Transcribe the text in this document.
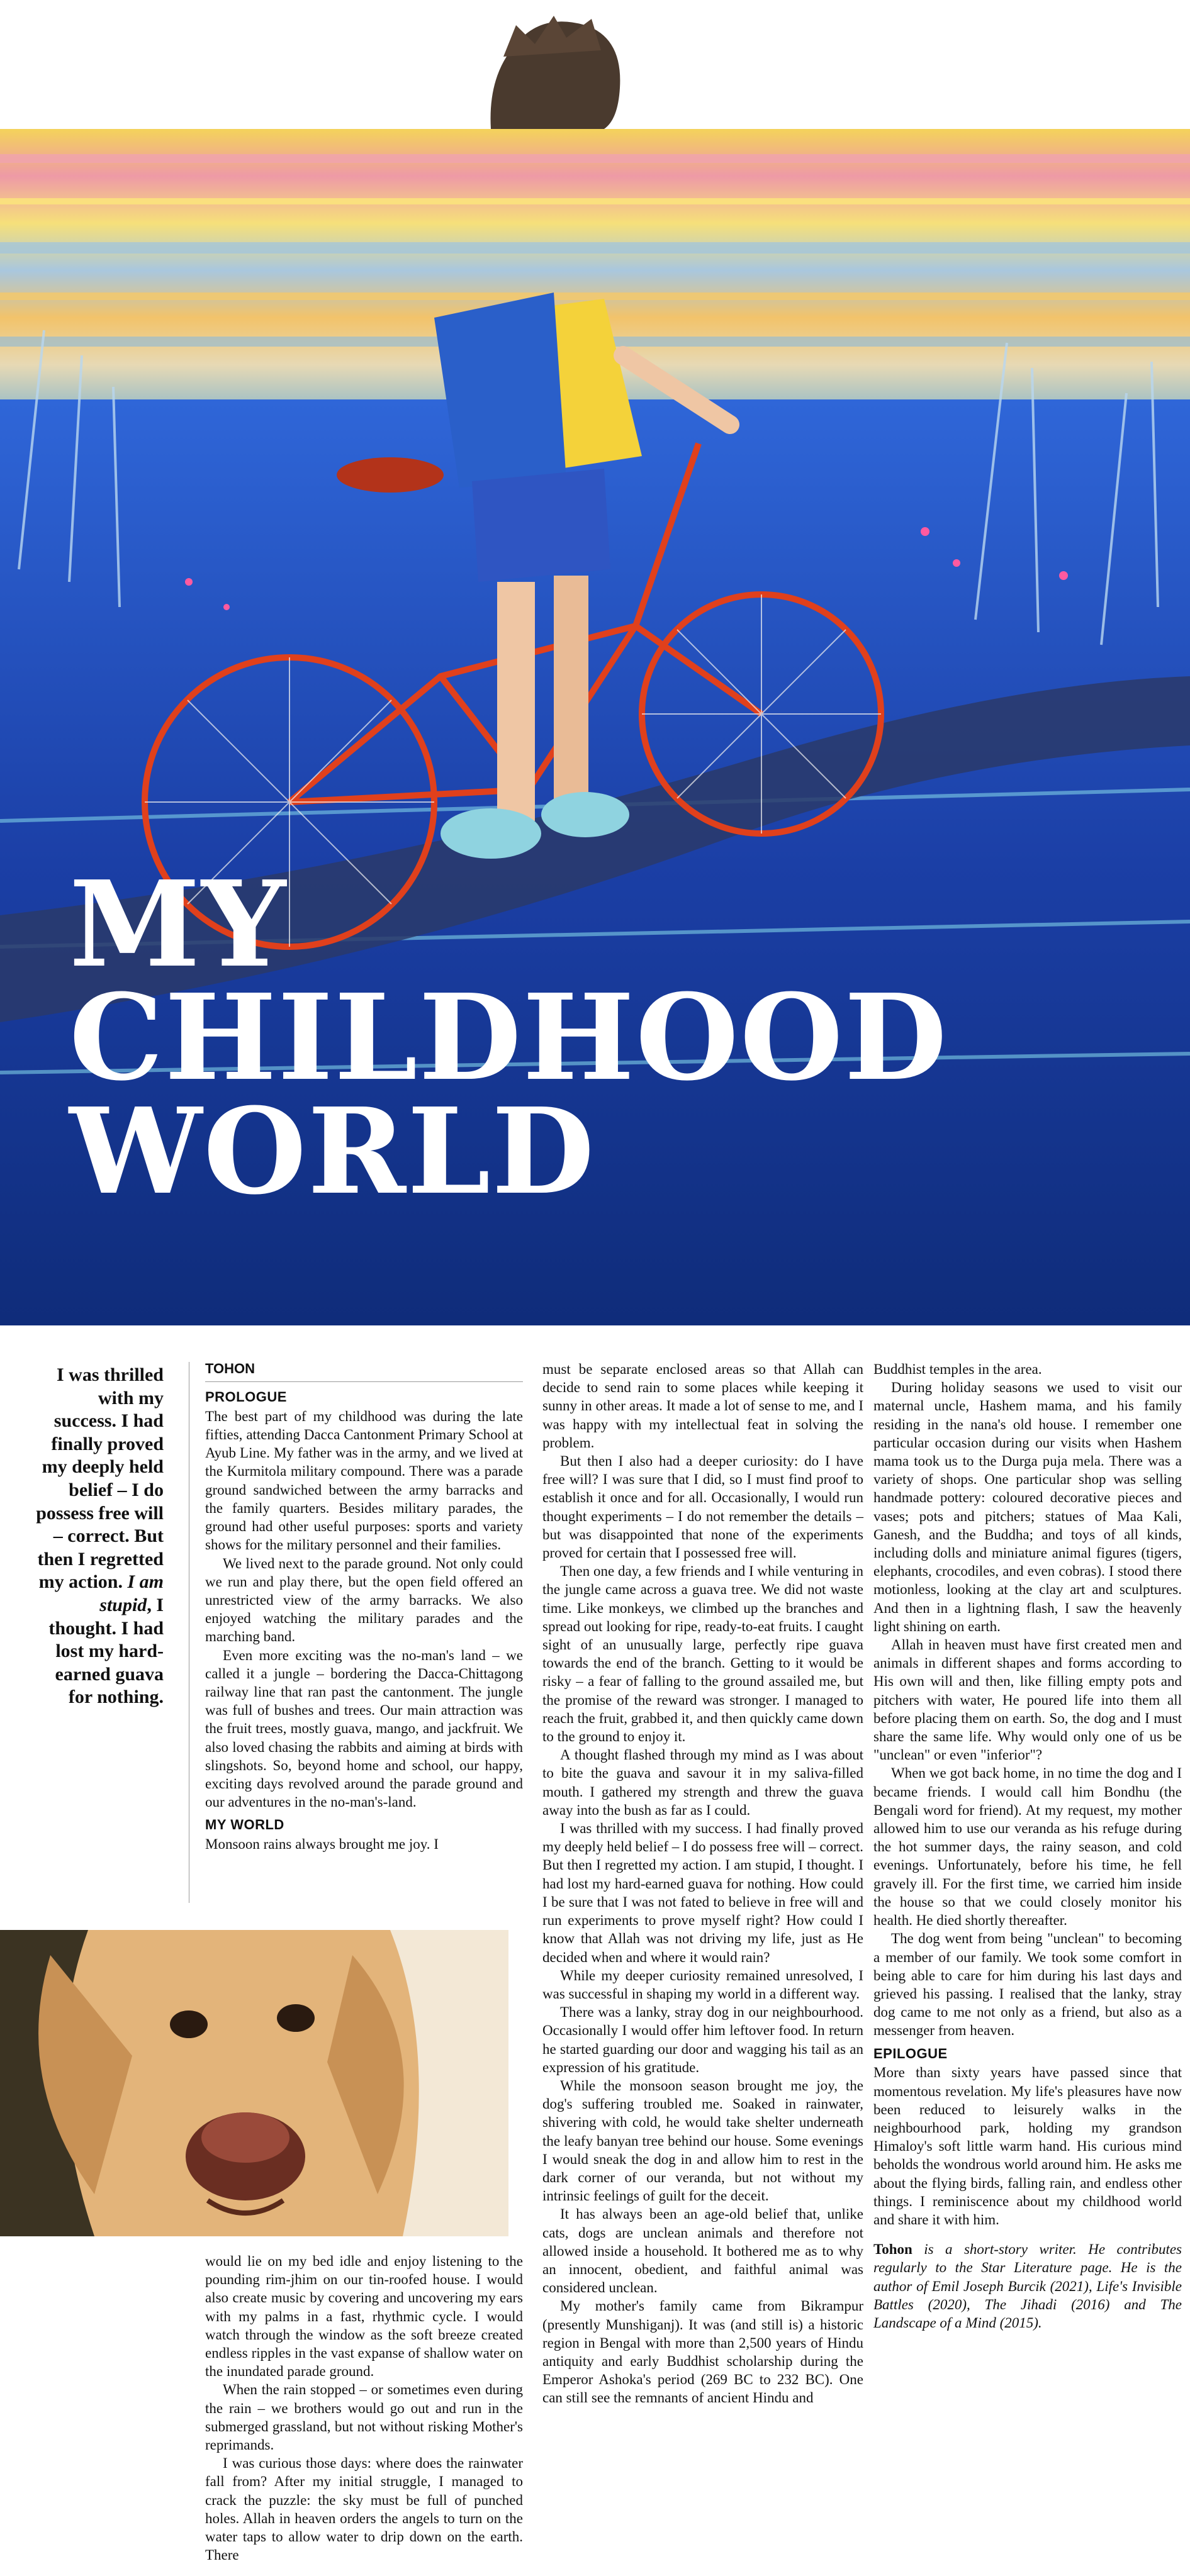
MY
CHILDHOOD
WORLD
I was thrilled with my success. I had finally proved my deeply held belief – I do possess free will – correct. But then I regretted my action. I am stupid, I thought. I had lost my hard-earned guava for nothing.
TOHON
PROLOGUE

The best part of my childhood was during the late fifties, attending Dacca Cantonment Primary School at Ayub Line. My father was in the army, and we lived at the Kurmitola military compound. There was a parade ground sandwiched between the army barracks and the family quarters. Besides military parades, the ground had other useful purposes: sports and variety shows for the military personnel and their families.

We lived next to the parade ground. Not only could we run and play there, but the open field offered an unrestricted view of the army barracks. We also enjoyed watching the military parades and the marching band.

Even more exciting was the no-man's land – we called it a jungle – bordering the Dacca-Chittagong railway line that ran past the cantonment. The jungle was full of bushes and trees. Our main attraction was the fruit trees, mostly guava, mango, and jackfruit. We also loved chasing the rabbits and aiming at birds with slingshots. So, beyond home and school, our happy, exciting days revolved around the parade ground and our adventures in the no-man's-land.

MY WORLD

Monsoon rains always brought me joy. I

would lie on my bed idle and enjoy listening to the pounding rim-jhim on our tin-roofed house. I would also create music by covering and uncovering my ears with my palms in a fast, rhythmic cycle. I would watch through the window as the soft breeze created endless ripples in the vast expanse of shallow water on the inundated parade ground.

When the rain stopped – or sometimes even during the rain – we brothers would go out and run in the submerged grassland, but not without risking Mother's reprimands.

I was curious those days: where does the rainwater fall from? After my initial struggle, I managed to crack the puzzle: the sky must be full of punched holes. Allah in heaven orders the angels to turn on the water taps to allow water to drip down on the earth. There

must be separate enclosed areas so that Allah can decide to send rain to some places while keeping it sunny in other areas. It made a lot of sense to me, and I was happy with my intellectual feat in solving the problem.

But then I also had a deeper curiosity: do I have free will? I was sure that I did, so I must find proof to establish it once and for all. Occasionally, I would run thought experiments – I do not remember the details – but was disappointed that none of the experiments proved for certain that I possessed free will.

Then one day, a few friends and I while venturing in the jungle came across a guava tree. We did not waste time. Like monkeys, we climbed up the branches and spread out looking for ripe, ready-to-eat fruits. I caught sight of an unusually large, perfectly ripe guava towards the end of the branch. Getting to it would be risky – a fear of falling to the ground assailed me, but the promise of the reward was stronger. I managed to reach the fruit, grabbed it, and then quickly came down to the ground to enjoy it.

A thought flashed through my mind as I was about to bite the guava and savour it in my saliva-filled mouth. I gathered my strength and threw the guava away into the bush as far as I could.

I was thrilled with my success. I had finally proved my deeply held belief – I do possess free will – correct. But then I regretted my action. I am stupid, I thought. I had lost my hard-earned guava for nothing. How could I be sure that I was not fated to believe in free will and run experiments to prove myself right? How could I know that Allah was not driving my life, just as He decided when and where it would rain?

While my deeper curiosity remained unresolved, I was successful in shaping my world in a different way.

There was a lanky, stray dog in our neighbourhood. Occasionally I would offer him leftover food. In return he started guarding our door and wagging his tail as an expression of his gratitude.

While the monsoon season brought me joy, the dog's suffering troubled me. Soaked in rainwater, shivering with cold, he would take shelter underneath the leafy banyan tree behind our house. Some evenings I would sneak the dog in and allow him to rest in the dark corner of our veranda, but not without my intrinsic feelings of guilt for the deceit.

It has always been an age-old belief that, unlike cats, dogs are unclean animals and therefore not allowed inside a household. It bothered me as to why an innocent, obedient, and faithful animal was considered unclean.

My mother's family came from Bikrampur (presently Munshiganj). It was (and still is) a historic region in Bengal with more than 2,500 years of Hindu antiquity and early Buddhist scholarship during the Emperor Ashoka's period (269 BC to 232 BC). One can still see the remnants of ancient Hindu and

Buddhist temples in the area.

During holiday seasons we used to visit our maternal uncle, Hashem mama, and his family residing in the nana's old house. I remember one particular occasion during our visits when Hashem mama took us to the Durga puja mela. There was a variety of shops. One particular shop was selling handmade pottery: coloured decorative pieces and vases; pots and pitchers; statues of Maa Kali, Ganesh, and the Buddha; and toys of all kinds, including dolls and miniature animal figures (tigers, elephants, crocodiles, and even cobras). I stood there motionless, looking at the clay art and sculptures. And then in a lightning flash, I saw the heavenly light shining on earth.

Allah in heaven must have first created men and animals in different shapes and forms according to His own will and then, like filling empty pots and pitchers with water, He poured life into them all before placing them on earth. So, the dog and I must share the same life. Why would only one of us be "unclean" or even "inferior"?

When we got back home, in no time the dog and I became friends. I would call him Bondhu (the Bengali word for friend). At my request, my mother allowed him to use our veranda as his refuge during the hot summer days, the rainy season, and cold evenings. Unfortunately, before his time, he fell gravely ill. For the first time, we carried him inside the house so that we could closely monitor his health. He died shortly thereafter.

The dog went from being "unclean" to becoming a member of our family. We took some comfort in being able to care for him during his last days and grieved his passing. I realised that the lanky, stray dog came to me not only as a friend, but also as a messenger from heaven.

EPILOGUE

More than sixty years have passed since that momentous revelation. My life's pleasures have now been reduced to leisurely walks in the neighbourhood park, holding my grandson Himaloy's soft little warm hand. His curious mind beholds the wondrous world around him. He asks me about the flying birds, falling rain, and endless other things. I reminiscence about my childhood world and share it with him.

Tohon is a short-story writer. He contributes regularly to the Star Literature page. He is the author of Emil Joseph Burcik (2021), Life's Invisible Battles (2020), The Jihadi (2016) and The Landscape of a Mind (2015).
